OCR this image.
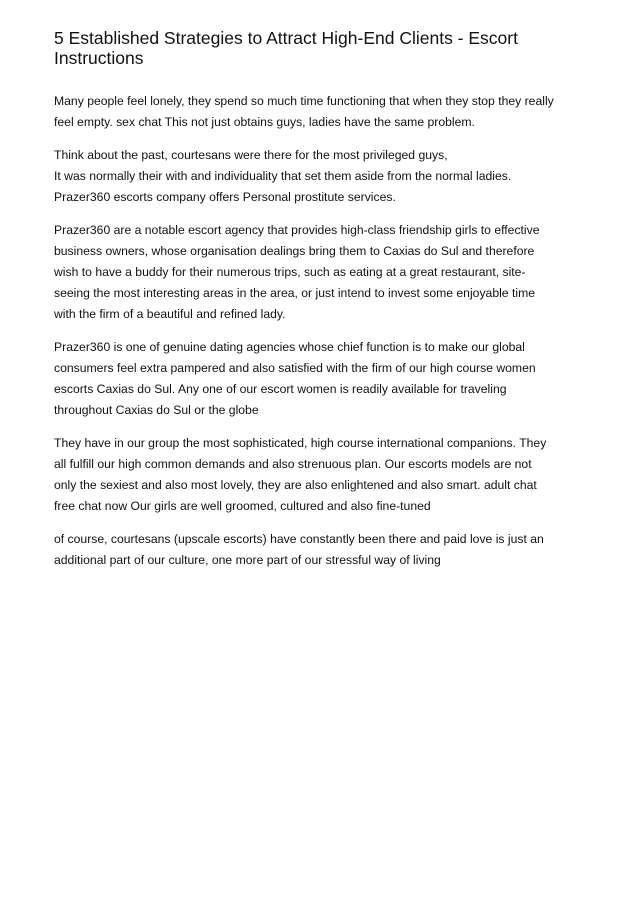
5 Established Strategies to Attract High-End Clients - Escort
Instructions

Many people feel lonely, they spend so much time functioning that when they stop they really
feel empty. sex chat This not just obtains guys, ladies have the same problem.

Think about the past, courtesans were there for the most privileged guys,
It was normally their with and individuality that set them aside from the normal ladies.
Prazer360 escorts company offers Personal prostitute services.

Prazer360 are a notable escort agency that provides high-class friendship girls to effective
business owners, whose organisation dealings bring them to Caxias do Sul and therefore
wish to have a buddy for their numerous trips, such as eating at a great restaurant, site-
seeing the most interesting areas in the area, or just intend to invest some enjoyable time
with the firm of a beautiful and refined lady.

Prazer360 is one of genuine dating agencies whose chief function is to make our global
consumers feel extra pampered and also satisfied with the firm of our high course women
escorts Caxias do Sul. Any one of our escort women is readily available for traveling
throughout Caxias do Sul or the globe

They have in our group the most sophisticated, high course international companions. They
all fulfill our high common demands and also strenuous plan. Our escorts models are not
only the sexiest and also most lovely, they are also enlightened and also smart. adult chat
free chat now Our girls are well groomed, cultured and also fine-tuned

of course, courtesans (upscale escorts) have constantly been there and paid love is just an
additional part of our culture, one more part of our stressful way of living
